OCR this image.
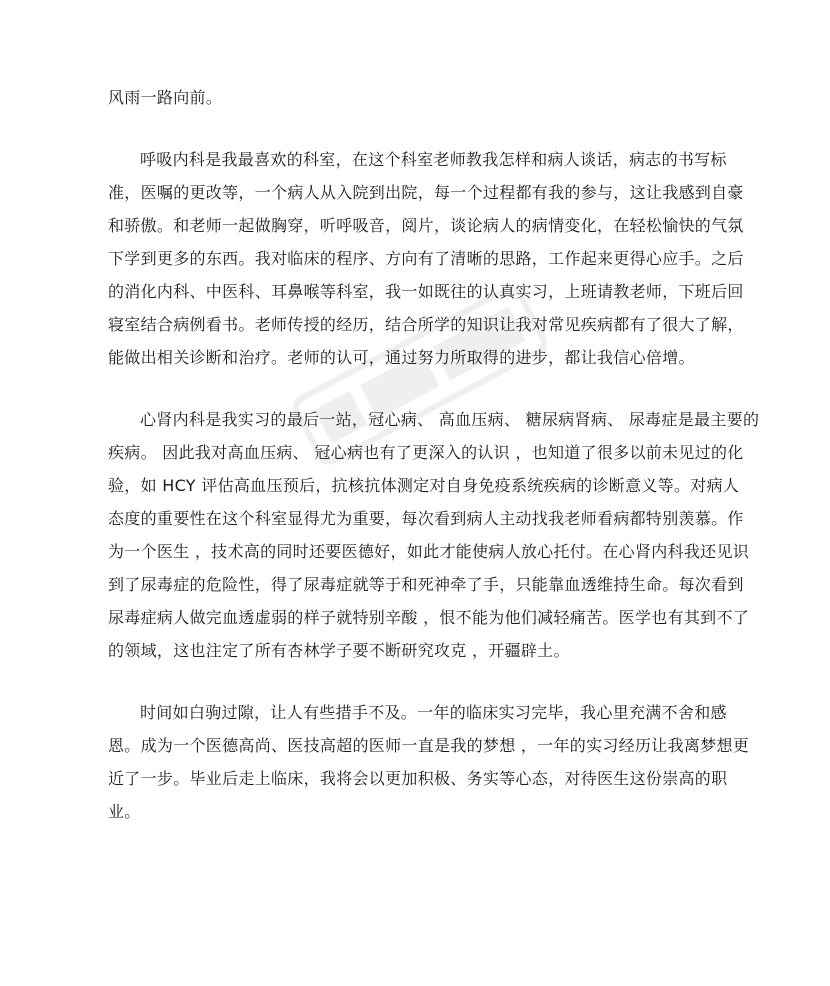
风雨一路向前。
呼吸内科是我最喜欢的科室，在这个科室老师教我怎样和病人谈话，病志的书写标
准，医嘱的更改等，一个病人从入院到出院，每一个过程都有我的参与，这让我感到自豪
和骄傲。和老师一起做胸穿，听呼吸音，阅片，谈论病人的病情变化，在轻松愉快的气氛
下学到更多的东西。我对临床的程序、方向有了清晰的思路，工作起来更得心应手。之后
的消化内科、中医科、耳鼻喉等科室，我一如既往的认真实习，上班请教老师，下班后回
寝室结合病例看书。老师传授的经历，结合所学的知识让我对常见疾病都有了很大了解，
能做出相关诊断和治疗。老师的认可，通过努力所取得的进步，都让我信心倍增。
心肾内科是我实习的最后一站，冠心病、 高血压病、 糖尿病肾病、 尿毒症是最主要的
疾病。 因此我对高血压病、 冠心病也有了更深入的认识 ，也知道了很多以前未见过的化
验，如 HCY 评估高血压预后，抗核抗体测定对自身免疫系统疾病的诊断意义等。对病人
态度的重要性在这个科室显得尤为重要，每次看到病人主动找我老师看病都特别羡慕。作
为一个医生 ，技术高的同时还要医德好，如此才能使病人放心托付。在心肾内科我还见识
到了尿毒症的危险性，得了尿毒症就等于和死神牵了手，只能靠血透维持生命。每次看到
尿毒症病人做完血透虚弱的样子就特别辛酸 ，恨不能为他们减轻痛苦。医学也有其到不了
的领域，这也注定了所有杏林学子要不断研究攻克 ，开疆辟土。
时间如白驹过隙，让人有些措手不及。一年的临床实习完毕，我心里充满不舍和感
恩。成为一个医德高尚、医技高超的医师一直是我的梦想 ，一年的实习经历让我离梦想更
近了一步。毕业后走上临床，我将会以更加积极、务实等心态，对待医生这份崇高的职
业。
